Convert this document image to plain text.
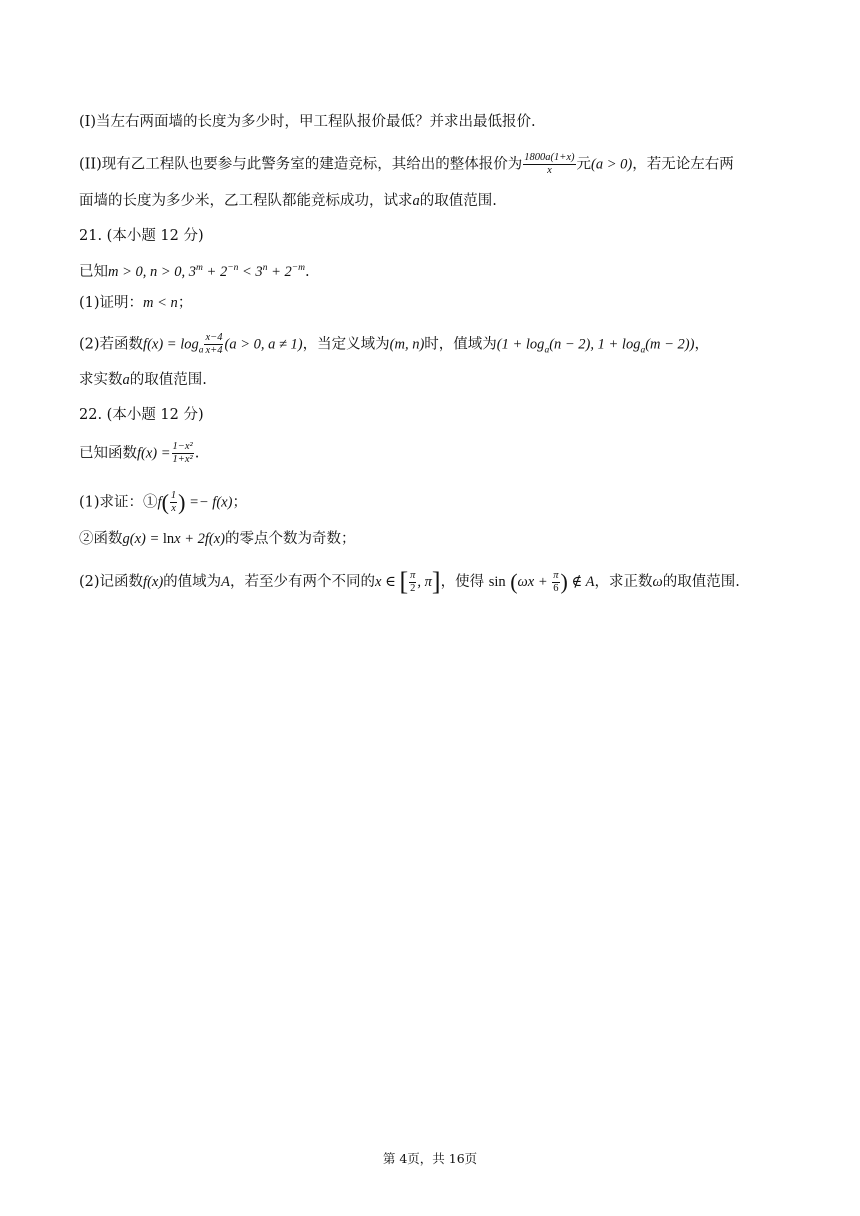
(I)当左右两面墙的长度为多少时，甲工程队报价最低？并求出最低报价.
(II)现有乙工程队也要参与此警务室的建造竞标，其给出的整体报价为 $\frac{1800a(1+x)}{x}$ 元(a > 0)，若无论左右两
面墙的长度为多少米，乙工程队都能竞标成功，试求a的取值范围.
21. (本小题 12 分)
已知m > 0, n > 0, $3^m + 2^{-n} < 3^n + 2^{-m}$.
(1)证明：m < n；
(2)若函数$f(x) = \log_a \frac{x-4}{x+4} (a > 0$, a ≠ 1)，当定义域为(m, n)时，值域为($1 + \log_a(n - 2)$, $1 + \log_a(m - 2)$)，
求实数a的取值范围.
22. (本小题 12 分)
已知函数$f(x) = \frac{\text{1−x²}}{\text{1+x²}}$ .
(1)求证：①f( $\frac{1}{x}$ ) =− f(x)；
②函数g(x) = lnx + 2f(x)的零点个数为奇数；
(2)记函数f(x)的值域为A，若至少有两个不同的x ∈ [ $\frac{\pi}{2}$ , π]，使得 $\sin (\omega x + \frac{\pi}{6}$ ) ∉ A，求正数ω的取值范围.
第 4页，共 16页
